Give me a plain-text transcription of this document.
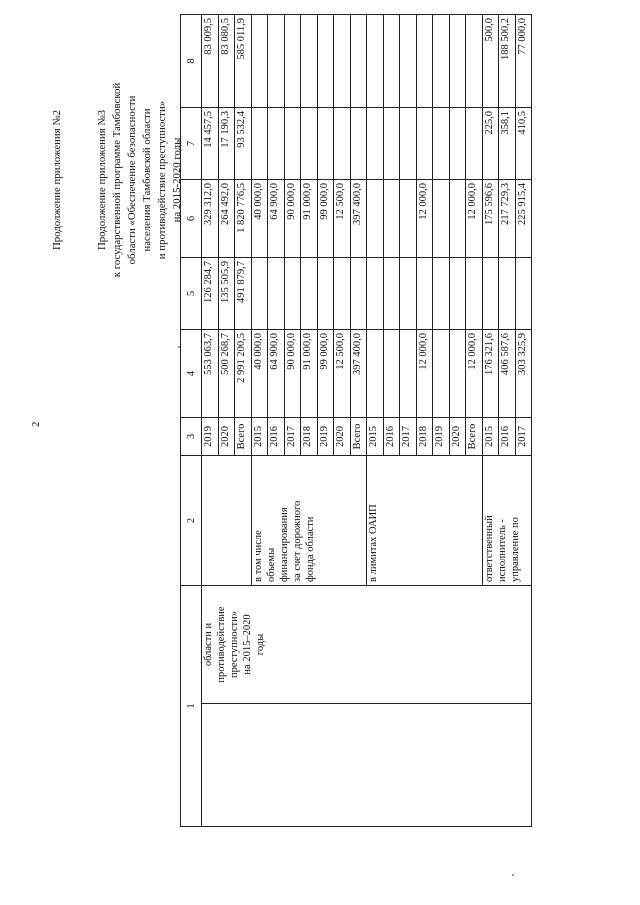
2
Продолжение приложения №2	Продолжение приложения №3 к государственной программе Тамбовской области «Обеспечение безопасности населения Тамбовской области и противодействие преступности» на 2015-2020 годы
1		2	3	4	5	6	7	8

	области и противодействие преступности» на 2015–2020 годы		2019	553 063,7	126 284,7	329 312,0	14 457,5	83 009,5
			2020	500 268,7	135 505,9	264 492,0	17 190,3	83 080,5
			Всего	2 991 200,5	491 879,7	1 820 776,5	93 532,4	585 011,9

		в том числе объемы финансирования за счет дорожного фонда области	2015	40 000,0		40 000,0		
			2016	64 900,0		64 900,0		
			2017	90 000,0		90 000,0		
			2018	91 000,0		91 000,0		
			2019	99 000,0		99 000,0		
			2020	12 500,0		12 500,0		
			Всего	397 400,0		397 400,0		

		в лимитах ОАИП	2015					
			2016					
			2017					
			2018	12 000,0		12 000,0		
			2019					
			2020					
			Всего	12 000,0		12 000,0		

		ответственный исполнитель - управление по	2015	176 321,6		175 596,6	225,0	500,0
			2016	406 587,6		217 729,3	358,1	188 500,2
			2017	303 325,9		225 915,4	410,5	77 000,0
